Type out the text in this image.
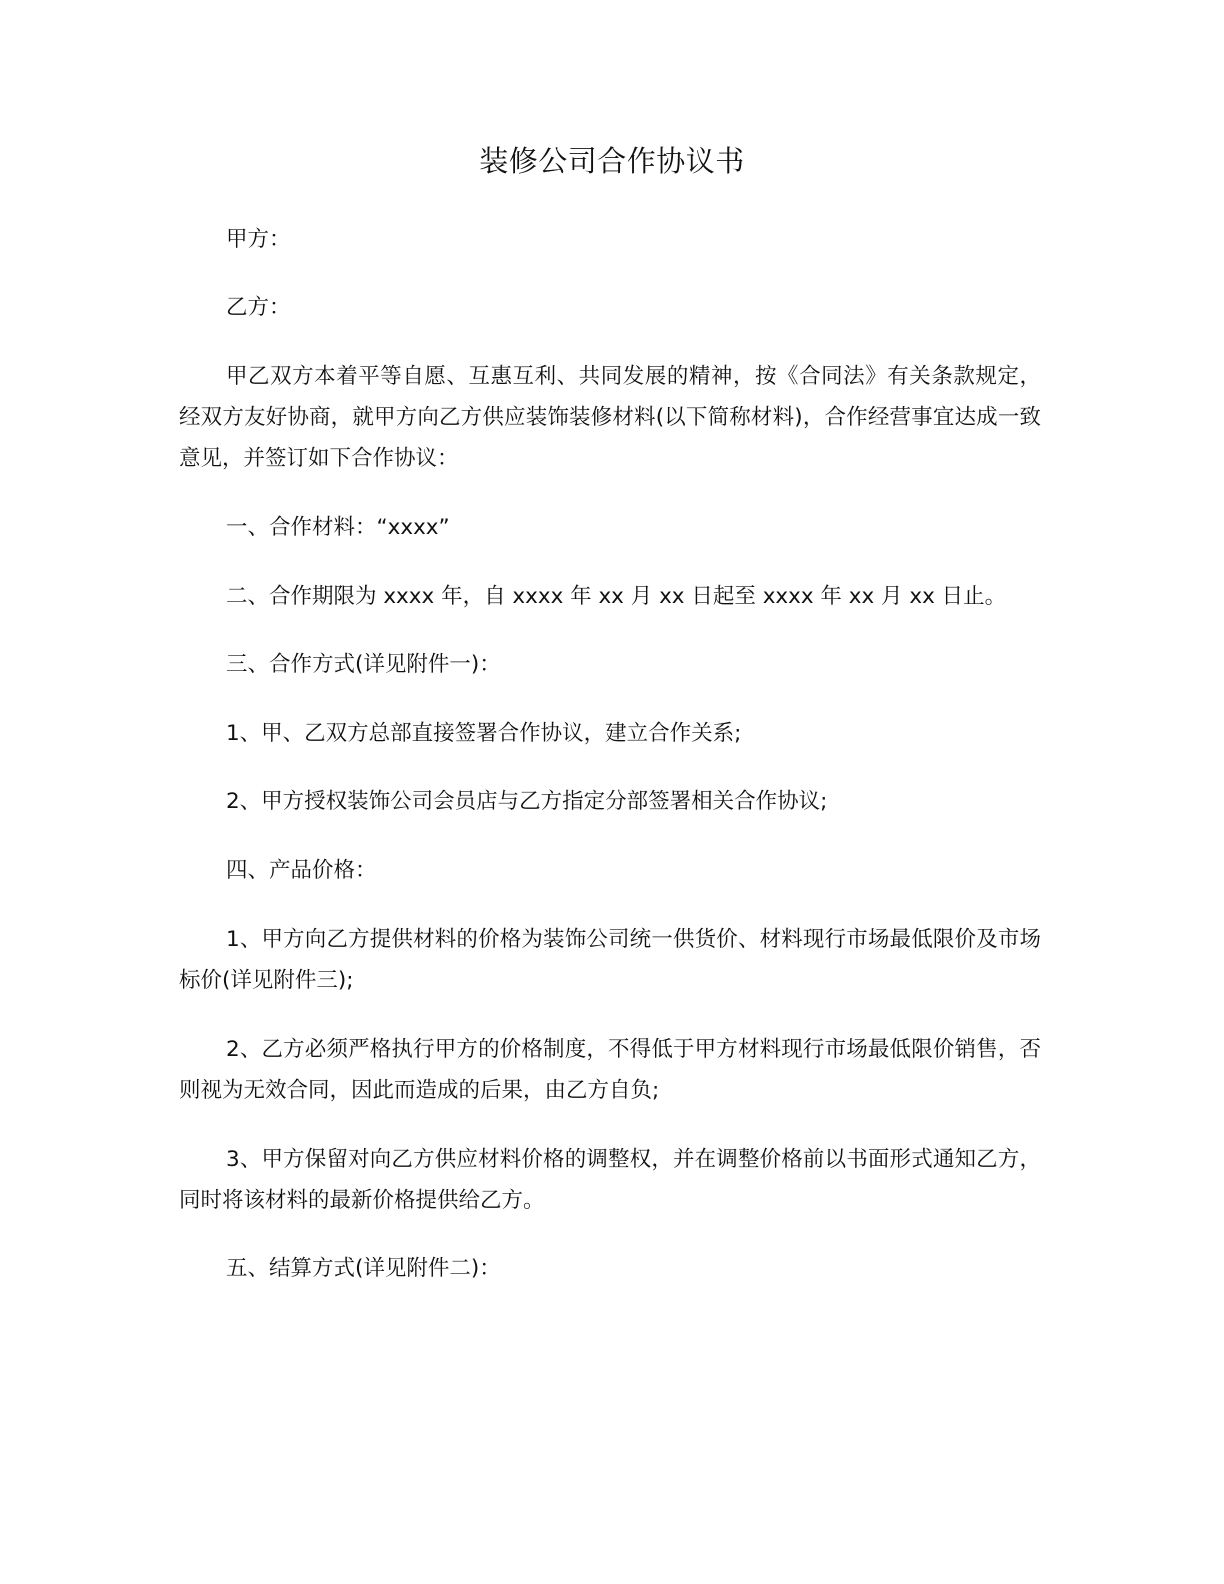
装修公司合作协议书

甲方：

乙方：

甲乙双方本着平等自愿、互惠互利、共同发展的精神，按《合同法》有关条款规定，经双方友好协商，就甲方向乙方供应装饰装修材料(以下简称材料)，合作经营事宜达成一致意见，并签订如下合作协议：

一、合作材料：“xxxx”

二、合作期限为 xxxx 年，自 xxxx 年 xx 月 xx 日起至 xxxx 年 xx 月 xx 日止。

三、合作方式(详见附件一)：

1、甲、乙双方总部直接签署合作协议，建立合作关系;

2、甲方授权装饰公司会员店与乙方指定分部签署相关合作协议;

四、产品价格：

1、甲方向乙方提供材料的价格为装饰公司统一供货价、材料现行市场最低限价及市场标价(详见附件三);

2、乙方必须严格执行甲方的价格制度，不得低于甲方材料现行市场最低限价销售，否则视为无效合同，因此而造成的后果，由乙方自负;

3、甲方保留对向乙方供应材料价格的调整权，并在调整价格前以书面形式通知乙方，同时将该材料的最新价格提供给乙方。

五、结算方式(详见附件二)：
